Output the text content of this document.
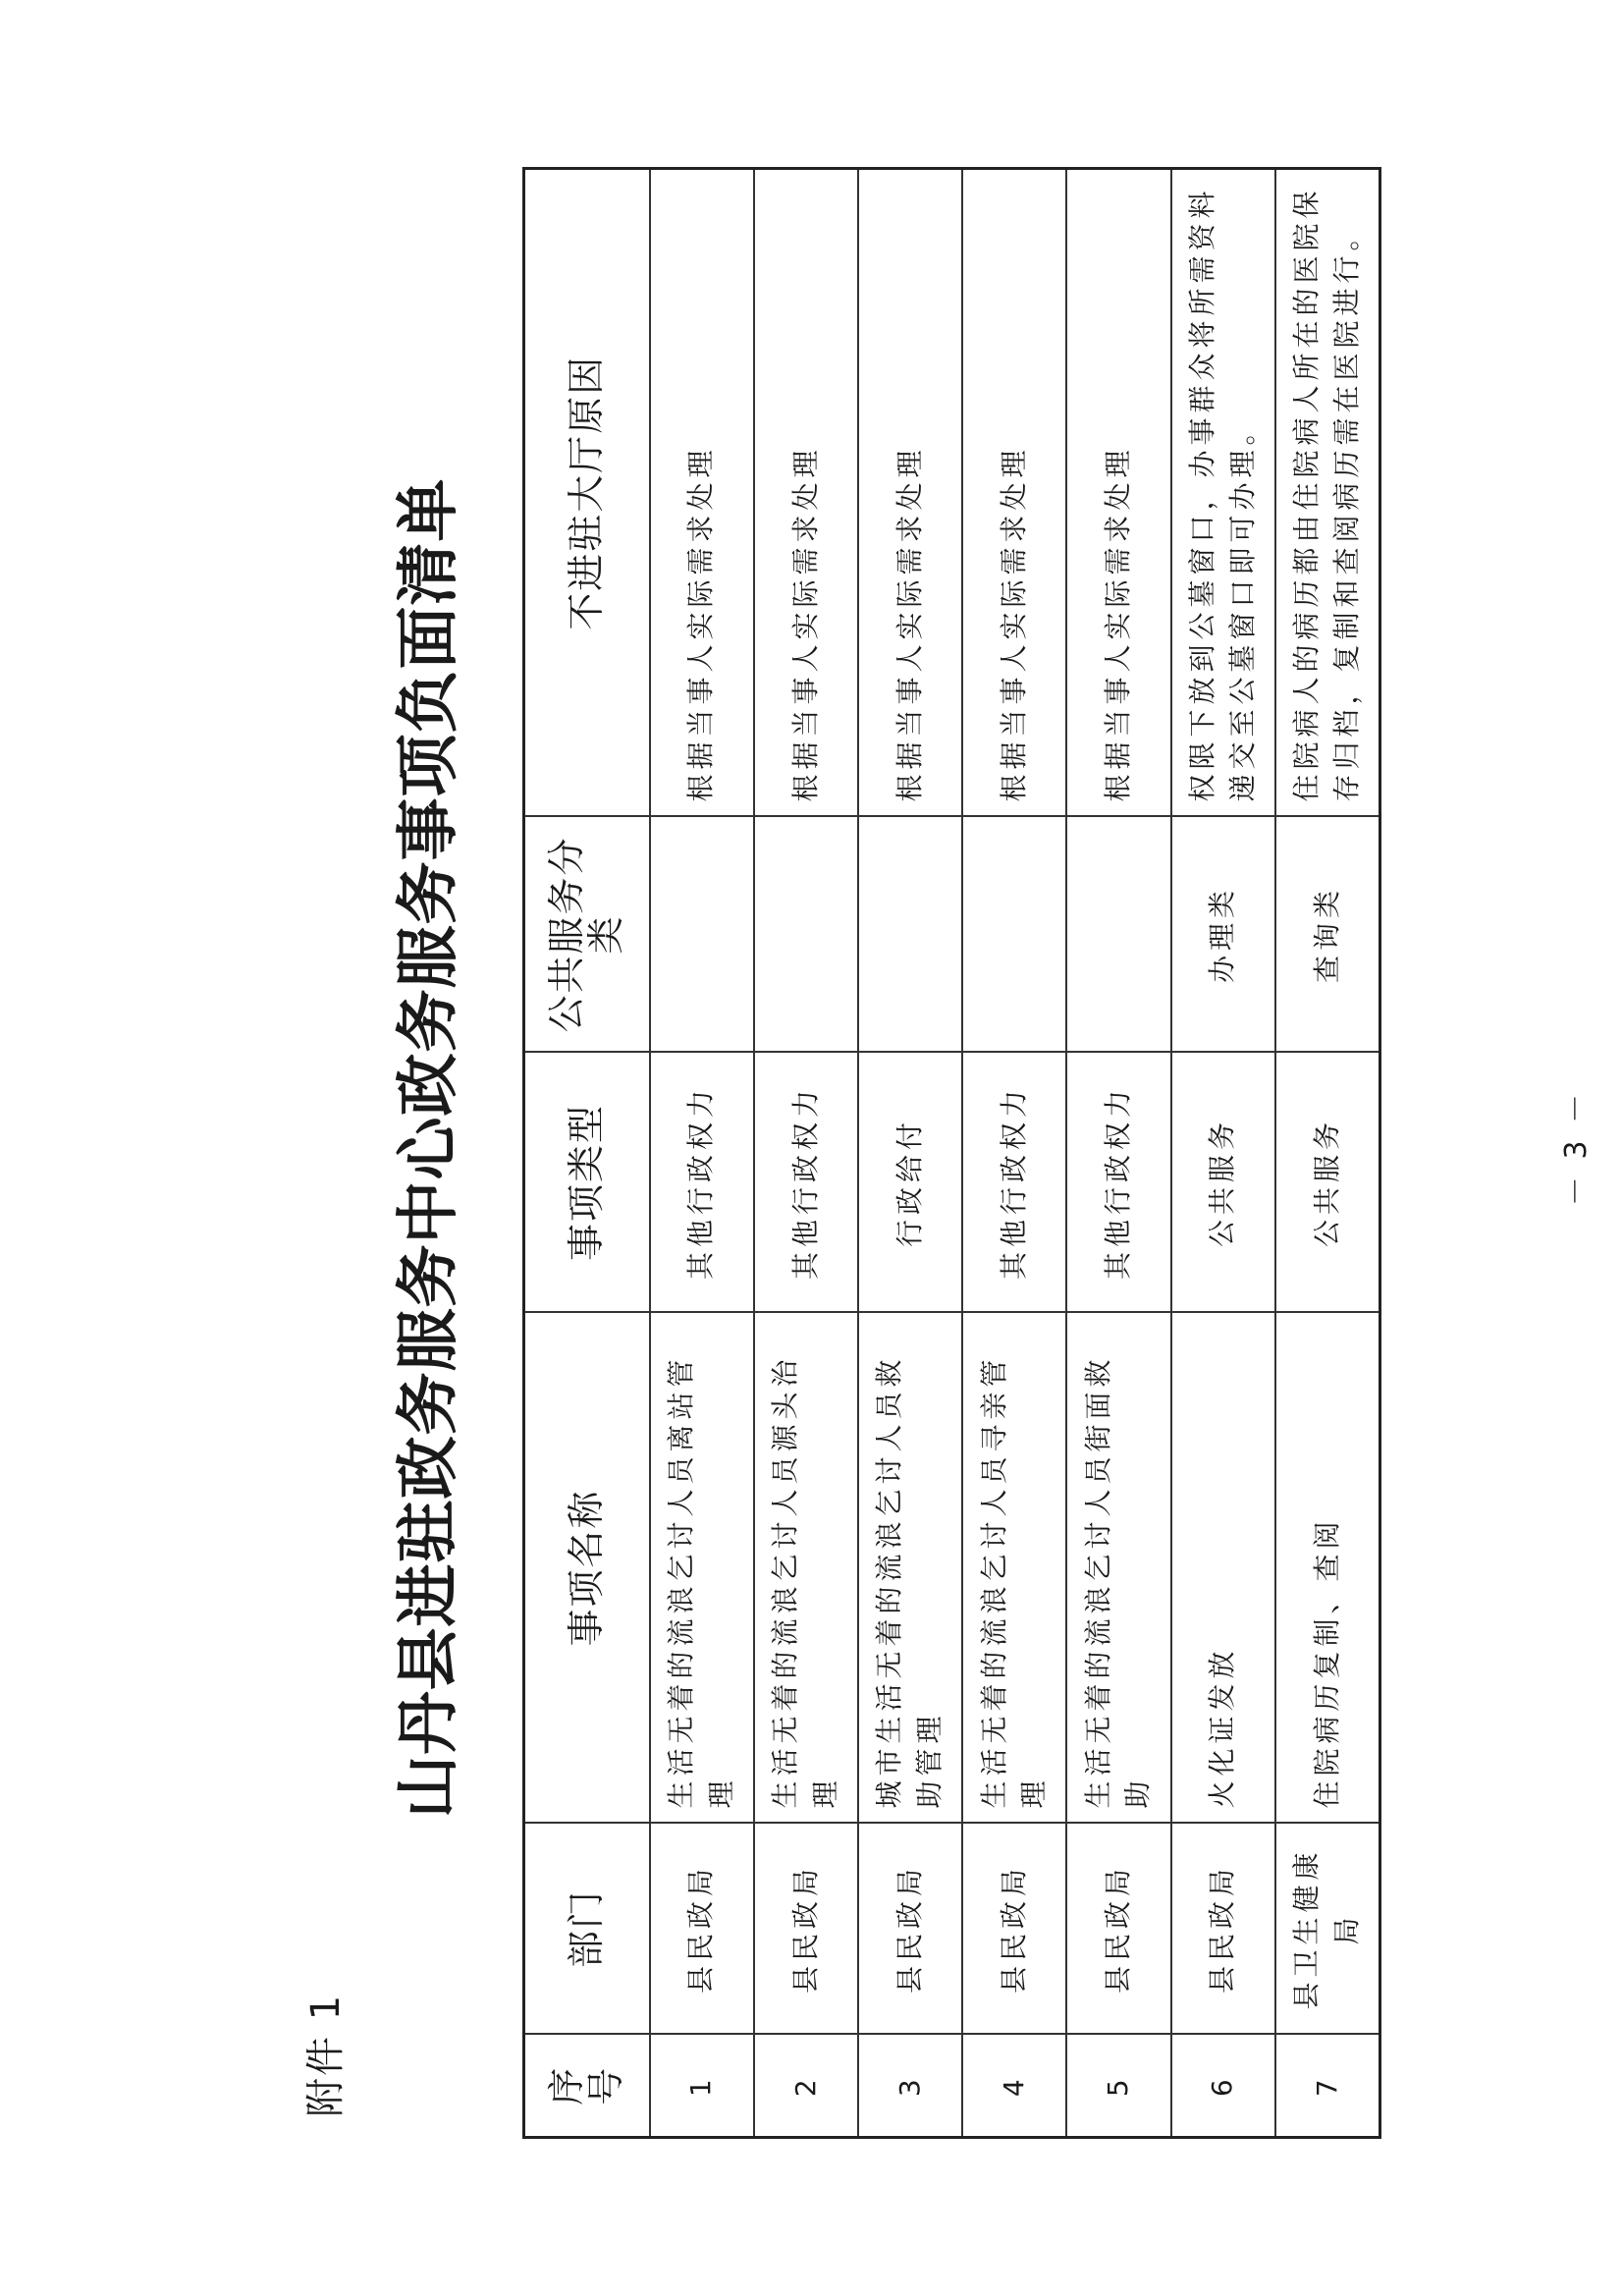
附件 1
山丹县进驻政务服务中心政务服务事项负面清单
序号	部门	事项名称	事项类型	公共服务分类	不进驻大厅原因
1	县民政局	生活无着的流浪乞讨人员离站管理	其他行政权力		根据当事人实际需求处理
2	县民政局	生活无着的流浪乞讨人员源头治理	其他行政权力		根据当事人实际需求处理
3	县民政局	城市生活无着的流浪乞讨人员救助管理	行政给付		根据当事人实际需求处理
4	县民政局	生活无着的流浪乞讨人员寻亲管理	其他行政权力		根据当事人实际需求处理
5	县民政局	生活无着的流浪乞讨人员街面救助	其他行政权力		根据当事人实际需求处理
6	县民政局	火化证发放	公共服务	办理类	权限下放到公墓窗口，办事群众将所需资料递交至公墓窗口即可办理。
7	县卫生健康局	住院病历复制、查阅	公共服务	查询类	住院病人的病历都由住院病人所在的医院保存归档，复制和查阅病历需在医院进行。
－ 3 －
